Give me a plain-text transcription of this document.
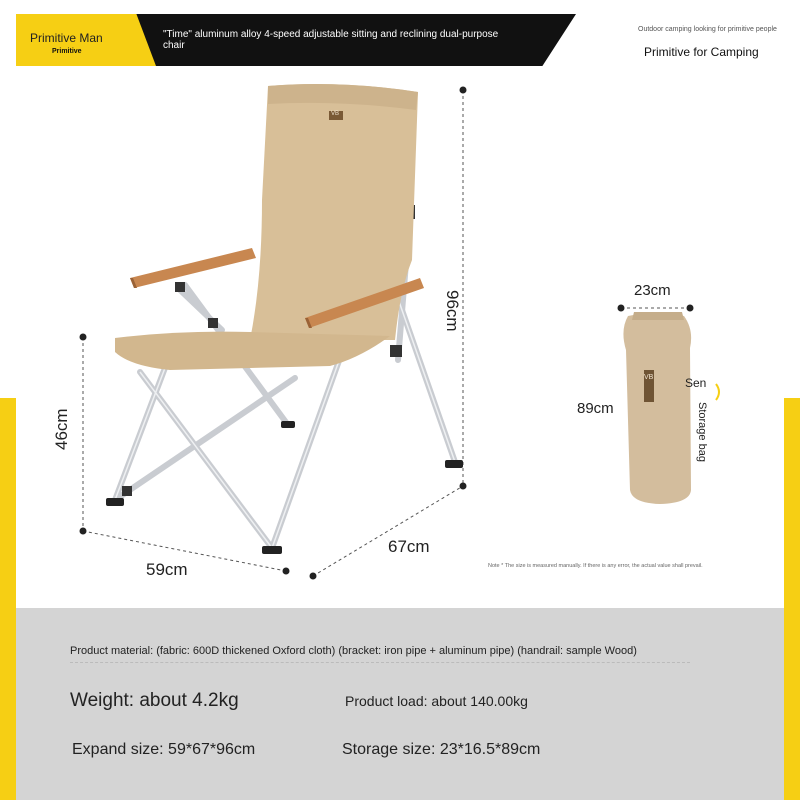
Primitive Man
Primitive
"Time" aluminum alloy 4-speed adjustable sitting and reclining dual-purpose chair
Outdoor camping looking for primitive people
Primitive for Camping
96cm
46cm
59cm
67cm
23cm
89cm
Sen
Storage bag
VB
VB
Note * The size is measured manually. If there is any error, the actual value shall prevail.
Product material: (fabric: 600D thickened Oxford cloth) (bracket: iron pipe + aluminum pipe) (handrail: sample Wood)
Weight: about 4.2kg	Product load: about 140.00kg
Expand size: 59*67*96cm	Storage size: 23*16.5*89cm
